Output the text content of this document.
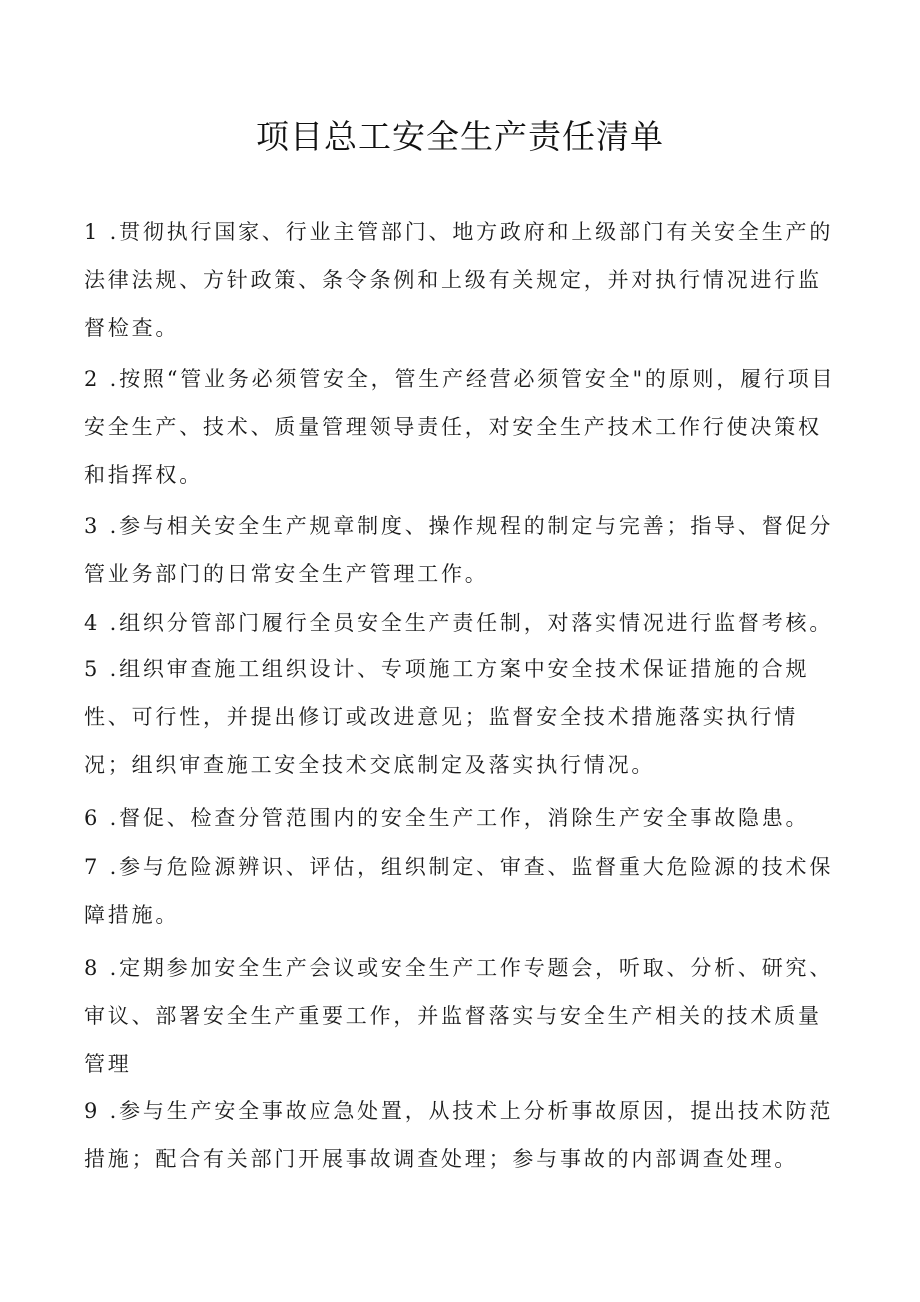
项目总工安全生产责任清单

1 .贯彻执行国家、行业主管部门、地方政府和上级部门有关安全生产的法律法规、方针政策、条令条例和上级有关规定，并对执行情况进行监督检查。

2 .按照“管业务必须管安全，管生产经营必须管安全"的原则，履行项目安全生产、技术、质量管理领导责任，对安全生产技术工作行使决策权和指挥权。

3 .参与相关安全生产规章制度、操作规程的制定与完善；指导、督促分管业务部门的日常安全生产管理工作。

4 .组织分管部门履行全员安全生产责任制，对落实情况进行监督考核。

5 .组织审查施工组织设计、专项施工方案中安全技术保证措施的合规性、可行性，并提出修订或改进意见；监督安全技术措施落实执行情况；组织审查施工安全技术交底制定及落实执行情况。

6 .督促、检查分管范围内的安全生产工作，消除生产安全事故隐患。

7 .参与危险源辨识、评估，组织制定、审查、监督重大危险源的技术保障措施。

8 .定期参加安全生产会议或安全生产工作专题会，听取、分析、研究、审议、部署安全生产重要工作，并监督落实与安全生产相关的技术质量管理

9 .参与生产安全事故应急处置，从技术上分析事故原因，提出技术防范措施；配合有关部门开展事故调查处理；参与事故的内部调查处理。
